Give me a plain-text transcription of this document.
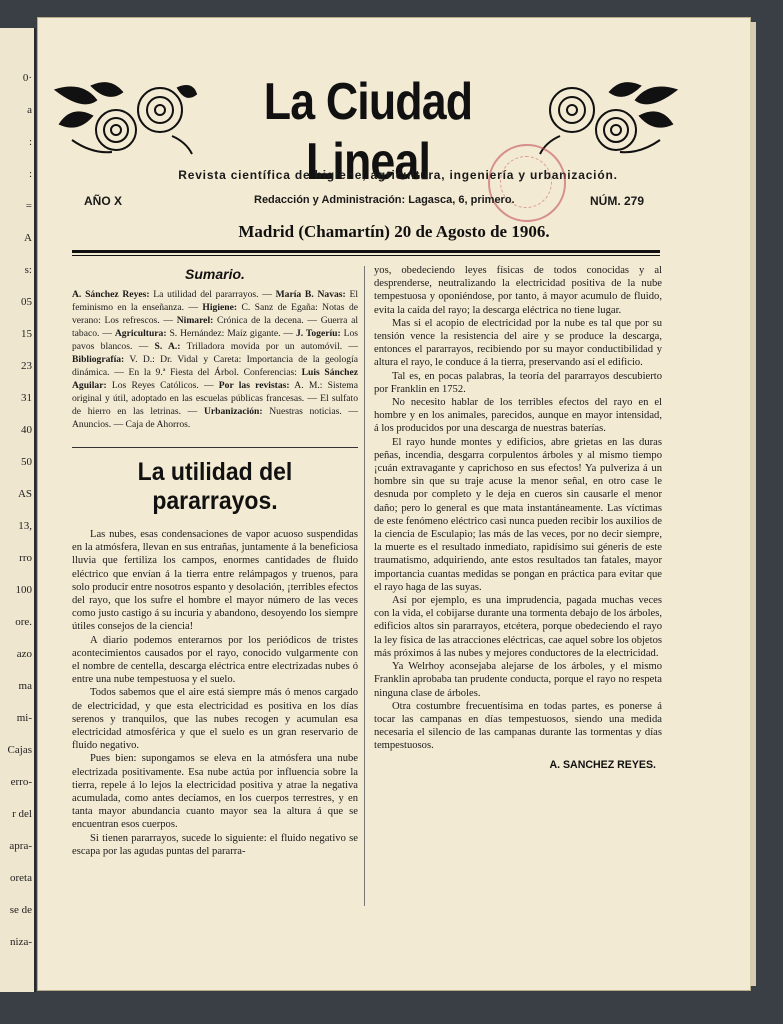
0·
a
:
:
=
A
s:
05
15
23
31
40
50
AS
13,
rro
100
ore.
azo
ma
mi-
Cajas
erro-
r del
apra-
oreta
se de
niza-
La Ciudad Lineal
Revista científica de higiene, agricultura, ingeniería y urbanización.
AÑO X	Redacción y Administración: Lagasca, 6, primero.	NÚM. 279
Madrid (Chamartín) 20 de Agosto de 1906.
Sumario.

A. Sánchez Reyes: La utilidad del pararrayos. — María B. Navas: El feminismo en la enseñanza. — Higiene: C. Sanz de Egaña: Notas de verano: Los refrescos. — Nimarel: Crónica de la decena. — Guerra al tabaco. — Agricultura: S. Hernández: Maíz gigante. — J. Togeríu: Los pavos blancos. — S. A.: Trilladora movida por un automóvil. — Bibliografía: V. D.: Dr. Vidal y Careta: Importancia de la geología dinámica. — En la 9.ª Fiesta del Árbol. Conferencias: Luis Sánchez Aguilar: Los Reyes Católicos. — Por las revistas: A. M.: Sistema original y útil, adoptado en las escuelas públicas francesas. — El sulfato de hierro en las letrinas. — Urbanización: Nuestras noticias. — Anuncios. — Caja de Ahorros.

La utilidad del pararrayos.

Las nubes, esas condensaciones de vapor acuoso suspendidas en la atmósfera, llevan en sus entrañas, juntamente á la beneficiosa lluvia que fertiliza los campos, enormes cantidades de fluido eléctrico que envían á la tierra entre relámpagos y truenos, para solo producir entre nosotros espanto y desolación, ¡terribles efectos del rayo, que los sufre el hombre el mayor número de las veces como justo castigo á su incuria y abandono, desoyendo los siempre útiles consejos de la ciencia!

A diario podemos enterarnos por los periódicos de tristes acontecimientos causados por el rayo, conocido vulgarmente con el nombre de centella, descarga eléctrica entre electrizadas nubes ó entre una nube tempestuosa y el suelo.

Todos sabemos que el aire está siempre más ó menos cargado de electricidad, y que esta electricidad es positiva en los días serenos y tranquilos, que las nubes recogen y acumulan esa electricidad atmosférica y que el suelo es un gran reservario de fluido negativo.

Pues bien: supongamos se eleva en la atmósfera una nube electrizada positivamente. Esa nube actúa por influencia sobre la tierra, repele á lo lejos la electricidad positiva y atrae la negativa acumulada, como antes decíamos, en los cuerpos terrestres, y en tanta mayor abundancia cuanto mayor sea la altura á que se encuentran esos cuerpos.

Si tienen pararrayos, sucede lo siguiente: el fluido negativo se escapa por las agudas puntas del pararra-

yos, obedeciendo leyes físicas de todos conocidas y al desprenderse, neutralizando la electricidad positiva de la nube tempestuosa y oponiéndose, por tanto, á mayor acumulo de fluido, evita la caída del rayo; la descarga eléctrica no tiene lugar.

Mas si el acopio de electricidad por la nube es tal que por su tensión vence la resistencia del aire y se produce la descarga, entonces el pararrayos, recibiendo por su mayor conductibilidad y altura el rayo, le conduce á la tierra, preservando así el edificio.

Tal es, en pocas palabras, la teoría del pararrayos descubierto por Franklin en 1752.

No necesito hablar de los terribles efectos del rayo en el hombre y en los animales, parecidos, aunque en mayor intensidad, á los producidos por una descarga de nuestras baterías.

El rayo hunde montes y edificios, abre grietas en las duras peñas, incendia, desgarra corpulentos árboles y al mismo tiempo ¡cuán extravagante y caprichoso en sus efectos! Ya pulveriza á un hombre sin que su traje acuse la menor señal, en otro case le desnuda por completo y le deja en cueros sin causarle el menor daño; pero lo general es que mata instantáneamente. Las víctimas de este fenómeno eléctrico casi nunca pueden recibir los auxilios de la ciencia de Esculapio; las más de las veces, por no decir siempre, la muerte es el resultado inmediato, rapidísimo sui géneris de este traumatismo, adquiriendo, ante estos resultados tan fatales, mayor importancia cuantas medidas se pongan en práctica para evitar que el rayo haga de las suyas.

Así por ejemplo, es una imprudencia, pagada muchas veces con la vida, el cobijarse durante una tormenta debajo de los árboles, edificios altos sin pararrayos, etcétera, porque obedeciendo el rayo la ley física de las atracciones eléctricas, cae aquel sobre los objetos más próximos á las nubes y mejores conductores de la electricidad.

Ya Welrhoy aconsejaba alejarse de los árboles, y el mismo Franklin aprobaba tan prudente conducta, porque el rayo no respeta ninguna clase de árboles.

Otra costumbre frecuentísima en todas partes, es ponerse á tocar las campanas en días tempestuosos, siendo una medida necesaria el silencio de las campanas durante las tormentas y días tempestuosos.

A. SANCHEZ REYES.
